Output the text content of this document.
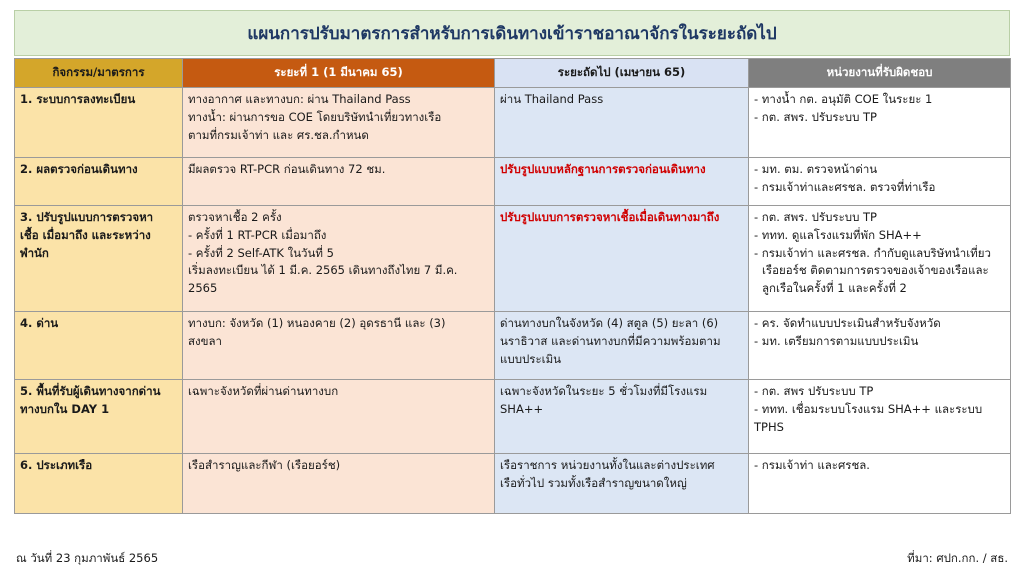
แผนการปรับมาตรการสำหรับการเดินทางเข้าราชอาณาจักรในระยะถัดไป
กิจกรรม/มาตรการ	ระยะที่ 1 (1 มีนาคม 65)	ระยะถัดไป (เมษายน 65)	หน่วยงานที่รับผิดชอบ

1. ระบบการลงทะเบียน	ทางอากาศ และทางบก: ผ่าน Thailand Pass
ทางน้ำ: ผ่านการขอ COE โดยบริษัทนำเที่ยวทางเรือ
ตามที่กรมเจ้าท่า และ ศร.ชล.กำหนด	ผ่าน Thailand Pass	- ทางน้ำ กต. อนุมัติ COE ในระยะ 1
- กต. สพร. ปรับระบบ TP

2. ผลตรวจก่อนเดินทาง	มีผลตรวจ RT-PCR ก่อนเดินทาง 72 ชม.	ปรับรูปแบบหลักฐานการตรวจก่อนเดินทาง	- มท. ตม. ตรวจหน้าด่าน
- กรมเจ้าท่าและศรชล. ตรวจที่ท่าเรือ

3. ปรับรูปแบบการตรวจหา
เชื้อ เมื่อมาถึง และระหว่าง
พำนัก	ตรวจหาเชื้อ 2 ครั้ง
- ครั้งที่ 1 RT-PCR เมื่อมาถึง
- ครั้งที่ 2 Self-ATK ในวันที่ 5
เริ่มลงทะเบียน ได้ 1 มี.ค. 2565 เดินทางถึงไทย 7 มี.ค.
2565	ปรับรูปแบบการตรวจหาเชื้อเมื่อเดินทางมาถึง	- กต. สพร. ปรับระบบ TP
- ททท. ดูแลโรงแรมที่พัก SHA++
- กรมเจ้าท่า และศรชล. กำกับดูแลบริษัทนำเที่ยว
เรือยอร์ช ติดตามการตรวจของเจ้าของเรือและ
ลูกเรือในครั้งที่ 1 และครั้งที่ 2

4. ด่าน	ทางบก: จังหวัด (1) หนองคาย (2) อุดรธานี และ (3)
สงขลา	ด่านทางบกในจังหวัด (4) สตูล (5) ยะลา (6)
นราธิวาส และด่านทางบกที่มีความพร้อมตาม
แบบประเมิน	- คร. จัดทำแบบประเมินสำหรับจังหวัด
- มท. เตรียมการตามแบบประเมิน

5. พื้นที่รับผู้เดินทางจากด่าน
ทางบกใน DAY 1	เฉพาะจังหวัดที่ผ่านด่านทางบก	เฉพาะจังหวัดในระยะ 5 ชั่วโมงที่มีโรงแรม
SHA++	- กต. สพร ปรับระบบ TP
- ททท. เชื่อมระบบโรงแรม SHA++ และระบบ
TPHS

6. ประเภทเรือ	เรือสำราญและกีฬา (เรือยอร์ช)	เรือราชการ หน่วยงานทั้งในและต่างประเทศ
เรือทั่วไป รวมทั้งเรือสำราญขนาดใหญ่	- กรมเจ้าท่า และศรชล.
ณ วันที่ 23 กุมภาพันธ์ 2565	ที่มา: ศปก.กก. / สธ.
